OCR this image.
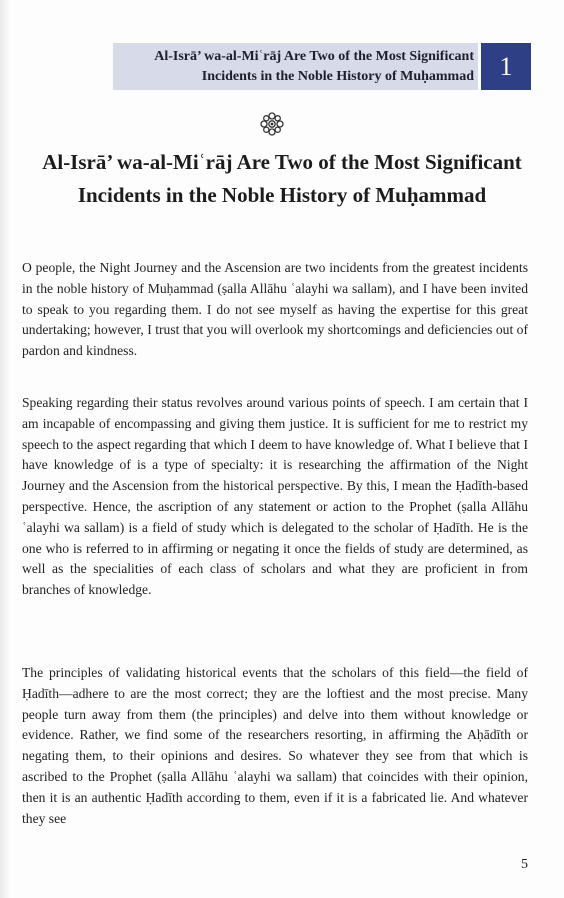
Al-Isrā’ wa-al-Miʿrāj Are Two of the Most Significant
Incidents in the Noble History of Muḥammad 1
Al-Isrā’ wa-al-Miʿrāj Are Two of the Most Significant
Incidents in the Noble History of Muḥammad

O people, the Night Journey and the Ascension are two incidents from the greatest incidents in the noble history of Muḥammad (ṣalla Allāhu ʿalayhi wa sallam), and I have been invited to speak to you regarding them. I do not see myself as having the expertise for this great undertaking; however, I trust that you will overlook my shortcomings and deficiencies out of pardon and kindness.

Speaking regarding their status revolves around various points of speech. I am certain that I am incapable of encompassing and giving them justice. It is sufficient for me to restrict my speech to the aspect regarding that which I deem to have knowledge of. What I believe that I have knowledge of is a type of specialty: it is researching the affirmation of the Night Journey and the Ascension from the historical perspective. By this, I mean the Ḥadīth-based perspective. Hence, the ascription of any statement or action to the Prophet (ṣalla Allāhu ʿalayhi wa sallam) is a field of study which is delegated to the scholar of Ḥadīth. He is the one who is referred to in affirming or negating it once the fields of study are determined, as well as the specialities of each class of scholars and what they are proficient in from branches of knowledge.

The principles of validating historical events that the scholars of this field—the field of Ḥadīth—adhere to are the most correct; they are the loftiest and the most precise. Many people turn away from them (the principles) and delve into them without knowledge or evidence. Rather, we find some of the researchers resorting, in affirming the Aḥādīth or negating them, to their opinions and desires. So whatever they see from that which is ascribed to the Prophet (ṣalla Allāhu ʿalayhi wa sallam) that coincides with their opinion, then it is an authentic Ḥadīth according to them, even if it is a fabricated lie. And whatever they see

5
